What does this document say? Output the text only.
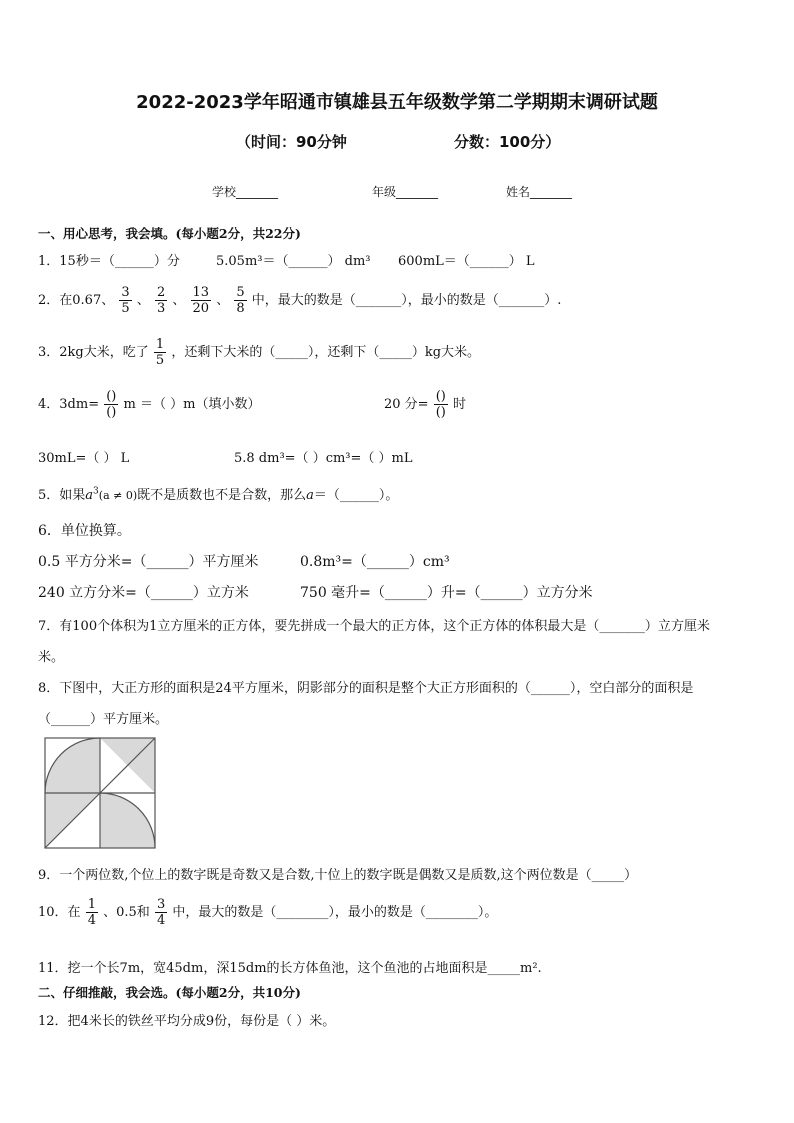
2022-2023学年昭通市镇雄县五年级数学第二学期期末调研试题
（时间：90分钟	分数：100分）
学校_______	年级_______	姓名_______
一、用心思考，我会填。(每小题2分，共22分)
1．15秒＝（______）分	5.05m³＝（______） dm³ 600mL＝（______） L
2．在0.67、 $\frac{3}{5}$ 、 $\frac{2}{3}$ 、 $\frac{13}{20}$ 、 $\frac{5}{8}$ 中，最大的数是（_______），最小的数是（_______）.
3．2kg大米，吃了 $\frac{1}{5}$ ，还剩下大米的（_____），还剩下（_____）kg大米。
4．$3dm= \frac{()}{()}$ m ＝（ ）m（填小数）	20 分= $\frac{()}{()}$ 时
30mL=（ ） L	5.8 dm³=（ ）cm³=（ ）mL
5．如果$a^3(a \ne 0)$既不是质数也不是合数，那么a＝（______）。
6．单位换算。
0.5 平方分米=（______）平方厘米	0.8m³=（______）cm³
240 立方分米=（______）立方米	750 毫升=（______）升=（______）立方分米
7．有100个体积为1立方厘米的正方体，要先拼成一个最大的正方体，这个正方体的体积最大是（_______）立方厘米
米。
8．下图中，大正方形的面积是24平方厘米，阴影部分的面积是整个大正方形面积的（______），空白部分的面积是
（______）平方厘米。
9．一个两位数,个位上的数字既是奇数又是合数,十位上的数字既是偶数又是质数,这个两位数是（_____）
10．在 $\frac{1}{4}$ 、0.5和 $\frac{3}{4}$ 中，最大的数是（________），最小的数是（________）。
11．挖一个长7m，宽45dm，深15dm的长方体鱼池，这个鱼池的占地面积是_____m².
二、仔细推敲，我会选。(每小题2分，共10分)
12．把4米长的铁丝平均分成9份，每份是（ ）米。
